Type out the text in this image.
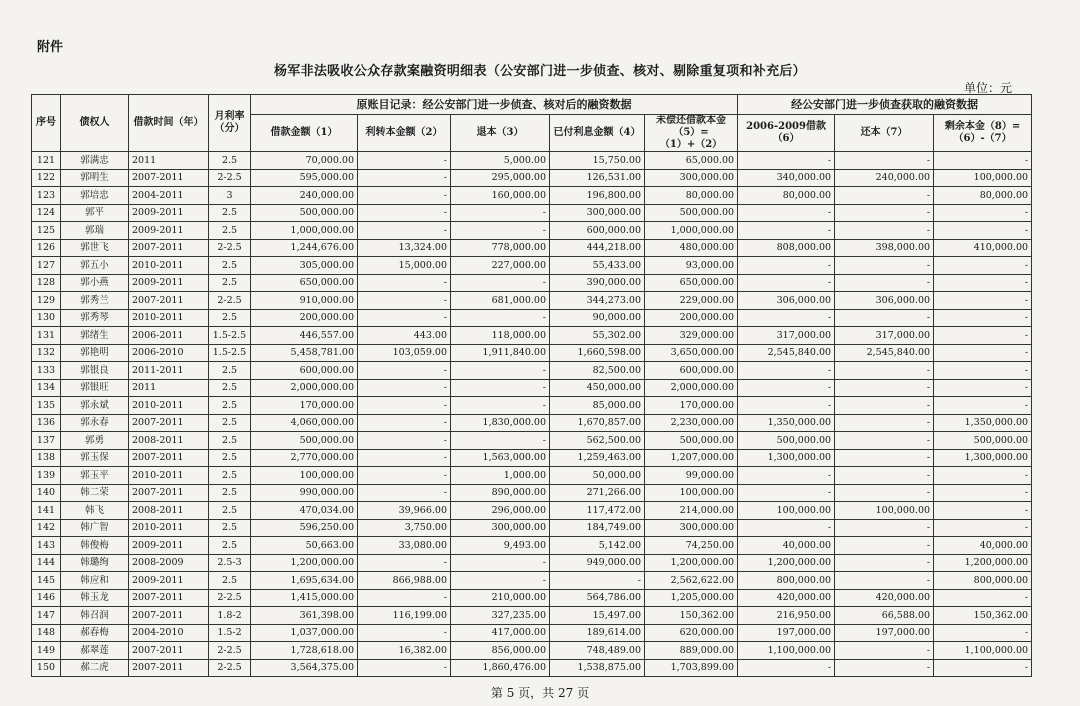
附件
杨军非法吸收公众存款案融资明细表（公安部门进一步侦查、核对、剔除重复项和补充后）
单位：元
序号	债权人	借款时间（年）	月利率（分）	原账目记录：经公安部门进一步侦查、核对后的融资数据					经公安部门进一步侦查获取的融资数据		
				借款金额（1）	利转本金额（2）	退本（3）	已付利息金额（4）	未偿还借款本金（5）=（1）+（2）	2006-2009借款（6）	还本（7）	剩余本金（8）=（6）-（7）
121	郭满忠	2011	2.5	70,000.00	-	5,000.00	15,750.00	65,000.00	-	-	-
122	郭明生	2007-2011	2-2.5	595,000.00	-	295,000.00	126,531.00	300,000.00	340,000.00	240,000.00	100,000.00
123	郭培忠	2004-2011	3	240,000.00	-	160,000.00	196,800.00	80,000.00	80,000.00	-	80,000.00
124	郭平	2009-2011	2.5	500,000.00	-	-	300,000.00	500,000.00	-	-	-
125	郭瑞	2009-2011	2.5	1,000,000.00	-	-	600,000.00	1,000,000.00	-	-	-
126	郭世飞	2007-2011	2-2.5	1,244,676.00	13,324.00	778,000.00	444,218.00	480,000.00	808,000.00	398,000.00	410,000.00
127	郭五小	2010-2011	2.5	305,000.00	15,000.00	227,000.00	55,433.00	93,000.00	-	-	-
128	郭小燕	2009-2011	2.5	650,000.00	-	-	390,000.00	650,000.00	-	-	-
129	郭秀兰	2007-2011	2-2.5	910,000.00	-	681,000.00	344,273.00	229,000.00	306,000.00	306,000.00	-
130	郭秀琴	2010-2011	2.5	200,000.00	-	-	90,000.00	200,000.00	-	-	-
131	郭绪生	2006-2011	1.5-2.5	446,557.00	443.00	118,000.00	55,302.00	329,000.00	317,000.00	317,000.00	-
132	郭艳明	2006-2010	1.5-2.5	5,458,781.00	103,059.00	1,911,840.00	1,660,598.00	3,650,000.00	2,545,840.00	2,545,840.00	-
133	郭银良	2011-2011	2.5	600,000.00	-	-	82,500.00	600,000.00	-	-	-
134	郭银旺	2011	2.5	2,000,000.00	-	-	450,000.00	2,000,000.00	-	-	-
135	郭永斌	2010-2011	2.5	170,000.00	-	-	85,000.00	170,000.00	-	-	-
136	郭永春	2007-2011	2.5	4,060,000.00	-	1,830,000.00	1,670,857.00	2,230,000.00	1,350,000.00	-	1,350,000.00
137	郭勇	2008-2011	2.5	500,000.00	-	-	562,500.00	500,000.00	500,000.00	-	500,000.00
138	郭玉保	2007-2011	2.5	2,770,000.00	-	1,563,000.00	1,259,463.00	1,207,000.00	1,300,000.00	-	1,300,000.00
139	郭玉平	2010-2011	2.5	100,000.00	-	1,000.00	50,000.00	99,000.00	-	-	-
140	韩二荣	2007-2011	2.5	990,000.00	-	890,000.00	271,266.00	100,000.00	-	-	-
141	韩飞	2008-2011	2.5	470,034.00	39,966.00	296,000.00	117,472.00	214,000.00	100,000.00	100,000.00	-
142	韩广智	2010-2011	2.5	596,250.00	3,750.00	300,000.00	184,749.00	300,000.00	-	-	-
143	韩俊梅	2009-2011	2.5	50,663.00	33,080.00	9,493.00	5,142.00	74,250.00	40,000.00	-	40,000.00
144	韩璐绚	2008-2009	2.5-3	1,200,000.00	-	-	949,000.00	1,200,000.00	1,200,000.00	-	1,200,000.00
145	韩应和	2009-2011	2.5	1,695,634.00	866,988.00	-	-	2,562,622.00	800,000.00	-	800,000.00
146	韩玉龙	2007-2011	2-2.5	1,415,000.00	-	210,000.00	564,786.00	1,205,000.00	420,000.00	420,000.00	-
147	韩召润	2007-2011	1.8-2	361,398.00	116,199.00	327,235.00	15,497.00	150,362.00	216,950.00	66,588.00	150,362.00
148	郝春梅	2004-2010	1.5-2	1,037,000.00	-	417,000.00	189,614.00	620,000.00	197,000.00	197,000.00	-
149	郝翠莲	2007-2011	2-2.5	1,728,618.00	16,382.00	856,000.00	748,489.00	889,000.00	1,100,000.00	-	1,100,000.00
150	郝二虎	2007-2011	2-2.5	3,564,375.00	-	1,860,476.00	1,538,875.00	1,703,899.00	-	-	-
第 5 页，共 27 页
